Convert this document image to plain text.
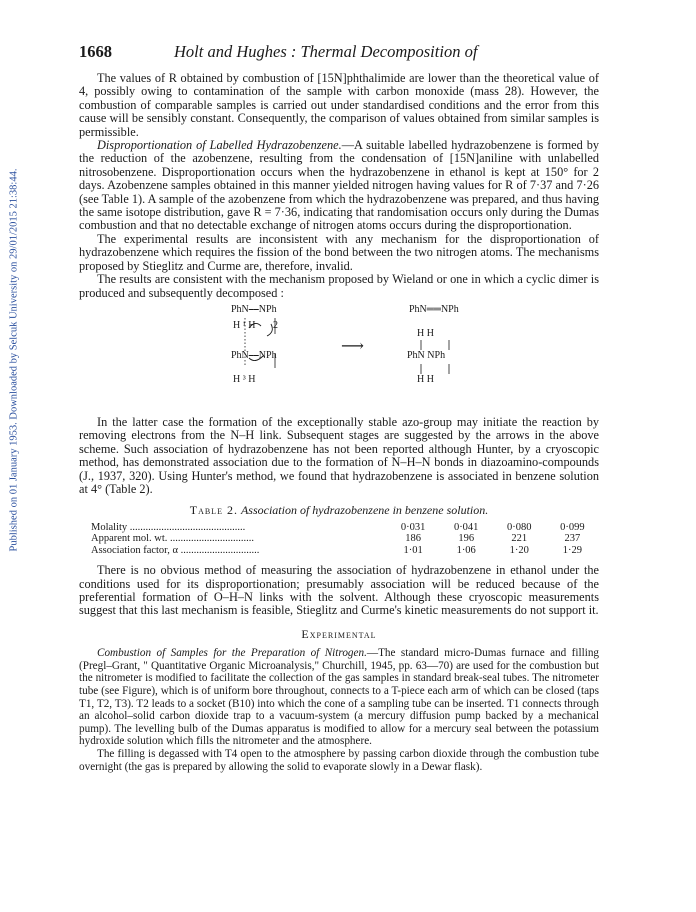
Published on 01 January 1953. Downloaded by Selcuk University on 29/01/2015 21:38:44.
1668	Holt and Hughes : Thermal Decomposition of

The values of R obtained by combustion of [15N]phthalimide are lower than the theoretical value of 4, possibly owing to contamination of the sample with carbon monoxide (mass 28). However, the combustion of comparable samples is carried out under standardised conditions and the error from this cause will be sensibly constant. Consequently, the comparison of values obtained from similar samples is permissible.

Disproportionation of Labelled Hydrazobenzene.—A suitable labelled hydrazobenzene is formed by the reduction of the azobenzene, resulting from the condensation of [15N]aniline with unlabelled nitrosobenzene. Disproportionation occurs when the hydrazobenzene in ethanol is kept at 150° for 2 days. Azobenzene samples obtained in this manner yielded nitrogen having values for R of 7·37 and 7·26 (see Table 1). A sample of the azobenzene from which the hydrazobenzene was prepared, and thus having the same isotope distribution, gave R = 7·36, indicating that randomisation occurs only during the Dumas combustion and that no detectable exchange of nitrogen atoms occurs during the disproportionation.

The experimental results are inconsistent with any mechanism for the disproportionation of hydrazobenzene which requires the fission of the bond between the two nitrogen atoms. The mechanisms proposed by Stieglitz and Curme are, therefore, invalid.

The results are consistent with the mechanism proposed by Wieland or one in which a cyclic dimer is produced and subsequently decomposed :

PhN⎯⎯NPh
H ¹ H 2
PhN⎯⎯NPh
H ³ H
⟶
PhN══NPh
H H
PhN NPh
H H

In the latter case the formation of the exceptionally stable azo-group may initiate the reaction by removing electrons from the N–H link. Subsequent stages are suggested by the arrows in the above scheme. Such association of hydrazobenzene has not been reported although Hunter, by a cryoscopic method, has demonstrated association due to the formation of N–H–N bonds in diazoamino-compounds (J., 1937, 320). Using Hunter's method, we found that hydrazobenzene is associated in benzene solution at 4° (Table 2).

Table 2. Association of hydrazobenzene in benzene solution.
Molality ............................................	0·031	0·041	0·080	0·099
Apparent mol. wt. ................................	186	196	221	237
Association factor, α ..............................	1·01	1·06	1·20	1·29

There is no obvious method of measuring the association of hydrazobenzene in ethanol under the conditions used for its disproportionation; presumably association will be reduced because of the preferential formation of O–H–N links with the solvent. Although these cryoscopic measurements suggest that this last mechanism is feasible, Stieglitz and Curme's kinetic measurements do not support it.

Experimental

Combustion of Samples for the Preparation of Nitrogen.—The standard micro-Dumas furnace and filling (Pregl–Grant, " Quantitative Organic Microanalysis," Churchill, 1945, pp. 63—70) are used for the combustion but the nitrometer is modified to facilitate the collection of the gas samples in standard break-seal tubes. The nitrometer tube (see Figure), which is of uniform bore throughout, connects to a T-piece each arm of which can be closed (taps T1, T2, T3). T2 leads to a socket (B10) into which the cone of a sampling tube can be inserted. T1 connects through an alcohol–solid carbon dioxide trap to a vacuum-system (a mercury diffusion pump backed by a mechanical pump). The levelling bulb of the Dumas apparatus is modified to allow for a mercury seal between the potassium hydroxide solution which fills the nitrometer and the atmosphere.

The filling is degassed with T4 open to the atmosphere by passing carbon dioxide through the combustion tube overnight (the gas is prepared by allowing the solid to evaporate slowly in a Dewar flask).
